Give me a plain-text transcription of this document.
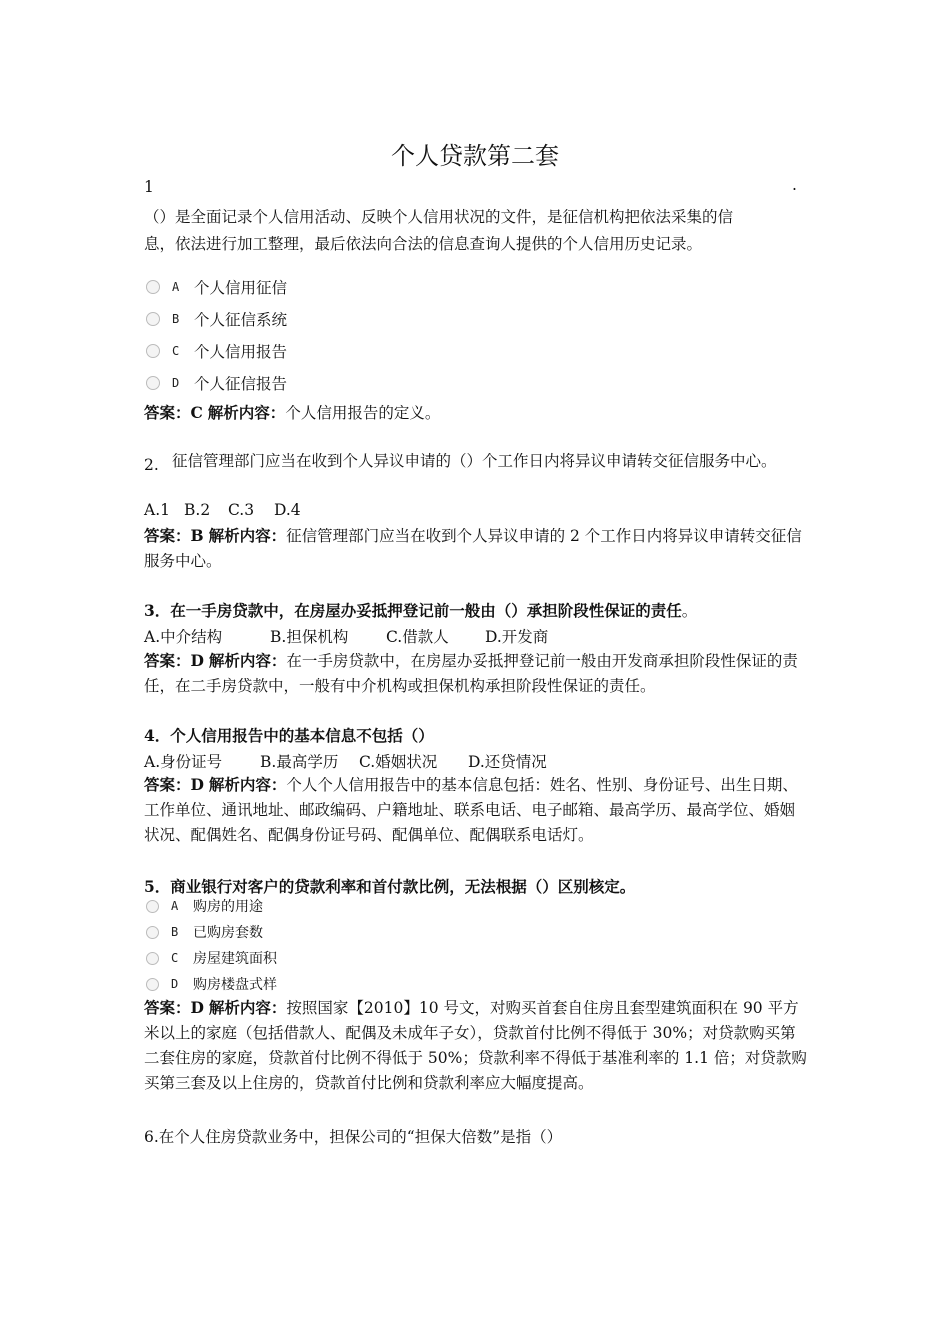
个人贷款第二套
1	.
（）是全面记录个人信用活动、反映个人信用状况的文件，是征信机构把依法采集的信
息，依法进行加工整理，最后依法向合法的信息查询人提供的个人信用历史记录。
A 个人信用征信
B 个人征信系统
C 个人信用报告
D 个人征信报告
答案：C 解析内容：个人信用报告的定义。
2. 征信管理部门应当在收到个人异议申请的（）个工作日内将异议申请转交征信服务中心。
A.1 B.2 C.3 D.4
答案：B 解析内容：征信管理部门应当在收到个人异议申请的 2 个工作日内将异议申请转交征信服务中心。
3．在一手房贷款中，在房屋办妥抵押登记前一般由（）承担阶段性保证的责任。
A.中介结构	B.担保机构 C.借款人 D.开发商
答案：D 解析内容：在一手房贷款中，在房屋办妥抵押登记前一般由开发商承担阶段性保证的责任，在二手房贷款中，一般有中介机构或担保机构承担阶段性保证的责任。
4．个人信用报告中的基本信息不包括（）
A.身份证号 B.最高学历 C.婚姻状况 D.还贷情况
答案：D 解析内容：个人个人信用报告中的基本信息包括：姓名、性别、身份证号、出生日期、工作单位、通讯地址、邮政编码、户籍地址、联系电话、电子邮箱、最高学历、最高学位、婚姻状况、配偶姓名、配偶身份证号码、配偶单位、配偶联系电话灯。
5．商业银行对客户的贷款利率和首付款比例，无法根据（）区别核定。
A	购房的用途
B	已购房套数
C	房屋建筑面积
D	购房楼盘式样
答案：D 解析内容：按照国家【2010】10 号文，对购买首套自住房且套型建筑面积在 90 平方米以上的家庭（包括借款人、配偶及未成年子女），贷款首付比例不得低于 30%；对贷款购买第二套住房的家庭，贷款首付比例不得低于 50%；贷款利率不得低于基准利率的 1.1 倍；对贷款购买第三套及以上住房的，贷款首付比例和贷款利率应大幅度提高。
6.在个人住房贷款业务中，担保公司的“担保大倍数”是指（）
